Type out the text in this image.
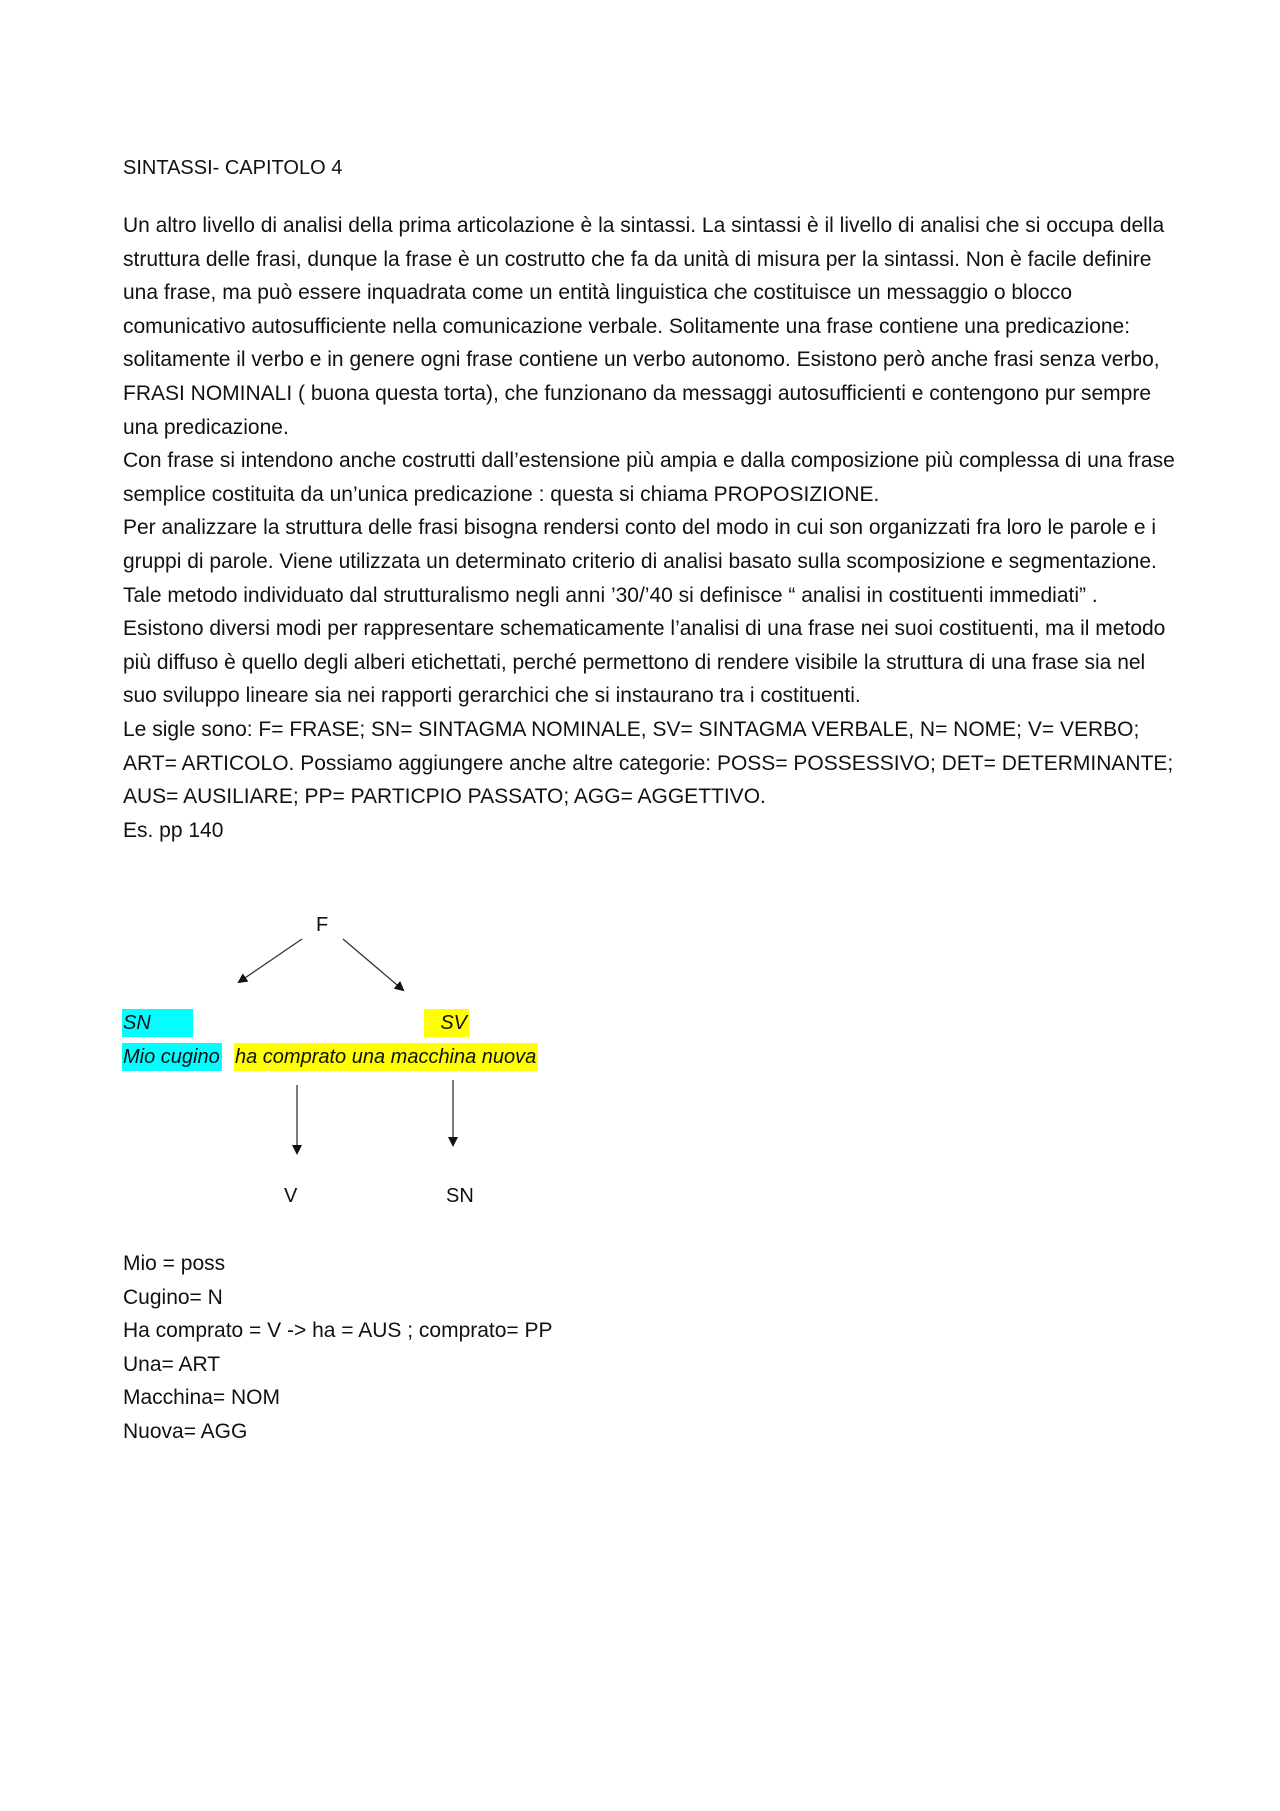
SINTASSI- CAPITOLO 4

Un altro livello di analisi della prima articolazione è la sintassi. La sintassi è il livello di analisi che si occupa della struttura delle frasi, dunque la frase è un costrutto che fa da unità di misura per la sintassi. Non è facile definire una frase, ma può essere inquadrata come un entità linguistica che costituisce un messaggio o blocco comunicativo autosufficiente nella comunicazione verbale. Solitamente una frase contiene una predicazione: solitamente il verbo e in genere ogni frase contiene un verbo autonomo. Esistono però anche frasi senza verbo, FRASI NOMINALI ( buona questa torta), che funzionano da messaggi autosufficienti e contengono pur sempre una predicazione.

Con frase si intendono anche costrutti dall’estensione più ampia e dalla composizione più complessa di una frase semplice costituita da un’unica predicazione : questa si chiama PROPOSIZIONE.

Per analizzare la struttura delle frasi bisogna rendersi conto del modo in cui son organizzati fra loro le parole e i gruppi di parole. Viene utilizzata un determinato criterio di analisi basato sulla scomposizione e segmentazione. Tale metodo individuato dal strutturalismo negli anni ’30/’40 si definisce “ analisi in costituenti immediati” . Esistono diversi modi per rappresentare schematicamente l’analisi di una frase nei suoi costituenti, ma il metodo più diffuso è quello degli alberi etichettati, perché permettono di rendere visibile la struttura di una frase sia nel suo sviluppo lineare sia nei rapporti gerarchici che si instaurano tra i costituenti.

Le sigle sono: F= FRASE; SN= SINTAGMA NOMINALE, SV= SINTAGMA VERBALE, N= NOME; V= VERBO; ART= ARTICOLO. Possiamo aggiungere anche altre categorie: POSS= POSSESSIVO; DET= DETERMINANTE; AUS= AUSILIARE; PP= PARTICPIO PASSATO; AGG= AGGETTIVO.

Es. pp 140

F
SN	SV
Mio cugino ha comprato una macchina nuova
V	SN
Mio = poss
Cugino= N
Ha comprato = V -> ha = AUS ; comprato= PP
Una= ART
Macchina= NOM
Nuova= AGG
